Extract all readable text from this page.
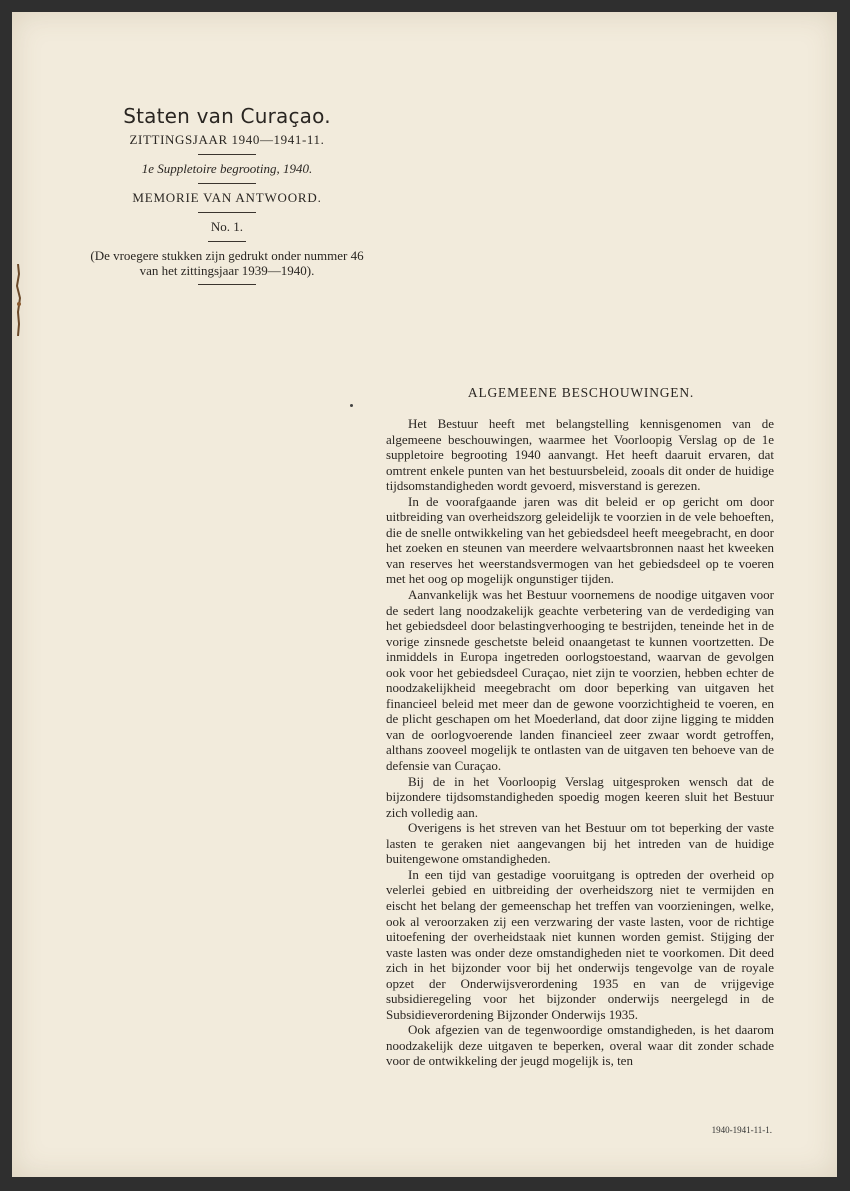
Staten van Curaçao.
ZITTINGSJAAR 1940—1941-11.
1e Suppletoire begrooting, 1940.
MEMORIE VAN ANTWOORD.
No. 1.
(De vroegere stukken zijn gedrukt onder nummer 46 van het zittingsjaar 1939—1940).
ALGEMEENE BESCHOUWINGEN.

Het Bestuur heeft met belangstelling kennisgenomen van de algemeene beschouwingen, waarmee het Voorloopig Verslag op de 1e suppletoire begrooting 1940 aanvangt. Het heeft daaruit ervaren, dat omtrent enkele punten van het bestuursbeleid, zooals dit onder de huidige tijdsomstandigheden wordt gevoerd, misverstand is gerezen.

In de voorafgaande jaren was dit beleid er op gericht om door uitbreiding van overheidszorg geleidelijk te voorzien in de vele behoeften, die de snelle ontwikkeling van het gebiedsdeel heeft meegebracht, en door het zoeken en steunen van meerdere welvaartsbronnen naast het kweeken van reserves het weerstandsvermogen van het gebiedsdeel op te voeren met het oog op mogelijk ongunstiger tijden.

Aanvankelijk was het Bestuur voornemens de noodige uitgaven voor de sedert lang noodzakelijk geachte verbetering van de verdediging van het gebiedsdeel door belastingverhooging te bestrijden, teneinde het in de vorige zinsnede geschetste beleid onaangetast te kunnen voortzetten. De inmiddels in Europa ingetreden oorlogstoestand, waarvan de gevolgen ook voor het gebiedsdeel Curaçao, niet zijn te voorzien, hebben echter de noodzakelijkheid meegebracht om door beperking van uitgaven het financieel beleid met meer dan de gewone voorzichtigheid te voeren, en de plicht geschapen om het Moederland, dat door zijne ligging te midden van de oorlogvoerende landen financieel zeer zwaar wordt getroffen, althans zooveel mogelijk te ontlasten van de uitgaven ten behoeve van de defensie van Curaçao.

Bij de in het Voorloopig Verslag uitgesproken wensch dat de bijzondere tijdsomstandigheden spoedig mogen keeren sluit het Bestuur zich volledig aan.

Overigens is het streven van het Bestuur om tot beperking der vaste lasten te geraken niet aangevangen bij het intreden van de huidige buitengewone omstandigheden.

In een tijd van gestadige vooruitgang is optreden der overheid op velerlei gebied en uitbreiding der overheidszorg niet te vermijden en eischt het belang der gemeenschap het treffen van voorzieningen, welke, ook al veroorzaken zij een verzwaring der vaste lasten, voor de richtige uitoefening der overheidstaak niet kunnen worden gemist. Stijging der vaste lasten was onder deze omstandigheden niet te voorkomen. Dit deed zich in het bijzonder voor bij het onderwijs tengevolge van de royale opzet der Onderwijsverordening 1935 en van de vrijgevige subsidieregeling voor het bijzonder onderwijs neergelegd in de Subsidieverordening Bijzonder Onderwijs 1935.

Ook afgezien van de tegenwoordige omstandigheden, is het daarom noodzakelijk deze uitgaven te beperken, overal waar dit zonder schade voor de ontwikkeling der jeugd mogelijk is, ten

1940-1941-11-1.
